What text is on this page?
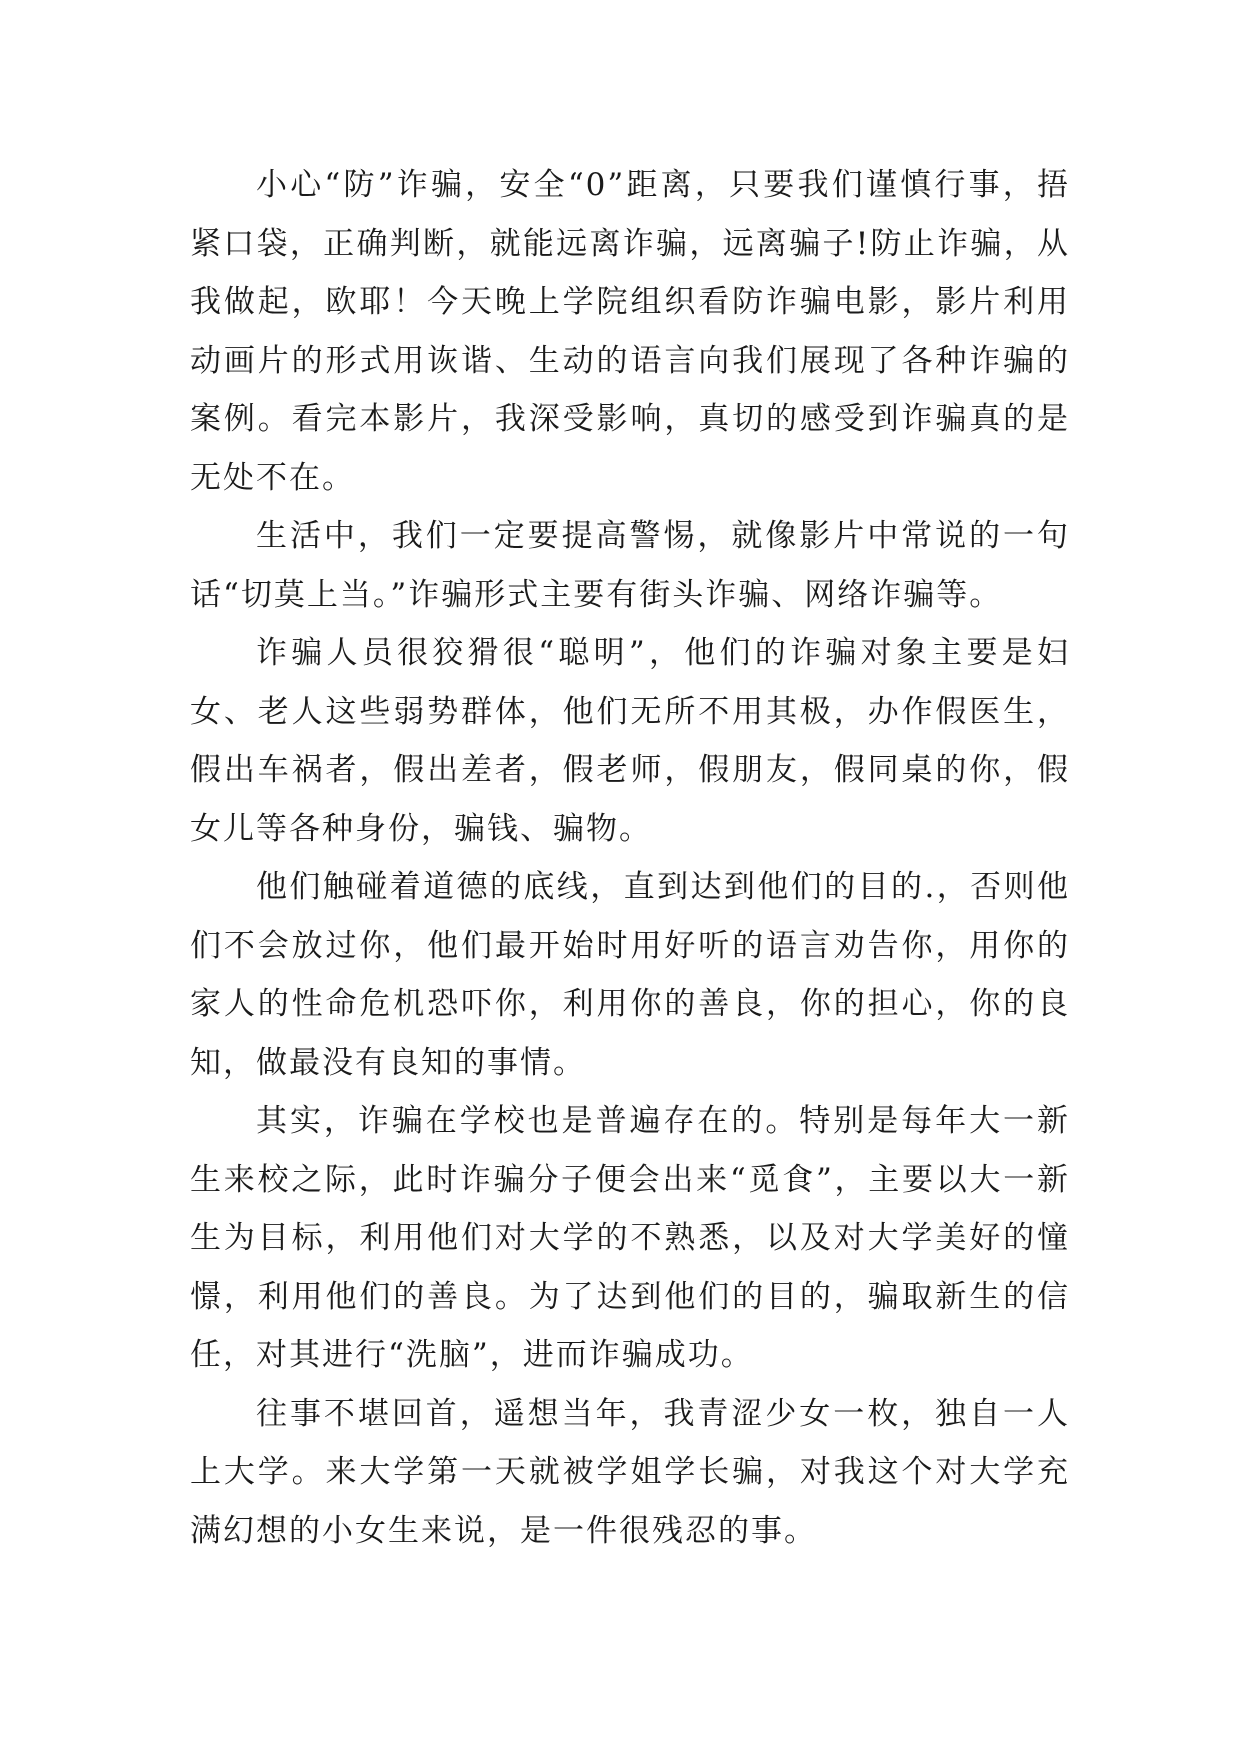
小心“防”诈骗，安全“0”距离，只要我们谨慎行事，捂紧口袋，正确判断，就能远离诈骗，远离骗子!防止诈骗，从我做起，欧耶！今天晚上学院组织看防诈骗电影，影片利用动画片的形式用诙谐、生动的语言向我们展现了各种诈骗的案例。看完本影片，我深受影响，真切的感受到诈骗真的是无处不在。

生活中，我们一定要提高警惕，就像影片中常说的一句话“切莫上当。”诈骗形式主要有街头诈骗、网络诈骗等。

诈骗人员很狡猾很“聪明”，他们的诈骗对象主要是妇女、老人这些弱势群体，他们无所不用其极，办作假医生，假出车祸者，假出差者，假老师，假朋友，假同桌的你，假女儿等各种身份，骗钱、骗物。

他们触碰着道德的底线，直到达到他们的目的.，否则他们不会放过你，他们最开始时用好听的语言劝告你，用你的家人的性命危机恐吓你，利用你的善良，你的担心，你的良知，做最没有良知的事情。

其实，诈骗在学校也是普遍存在的。特别是每年大一新生来校之际，此时诈骗分子便会出来“觅食”，主要以大一新生为目标，利用他们对大学的不熟悉，以及对大学美好的憧憬，利用他们的善良。为了达到他们的目的，骗取新生的信任，对其进行“洗脑”，进而诈骗成功。

往事不堪回首，遥想当年，我青涩少女一枚，独自一人上大学。来大学第一天就被学姐学长骗，对我这个对大学充满幻想的小女生来说，是一件很残忍的事。
